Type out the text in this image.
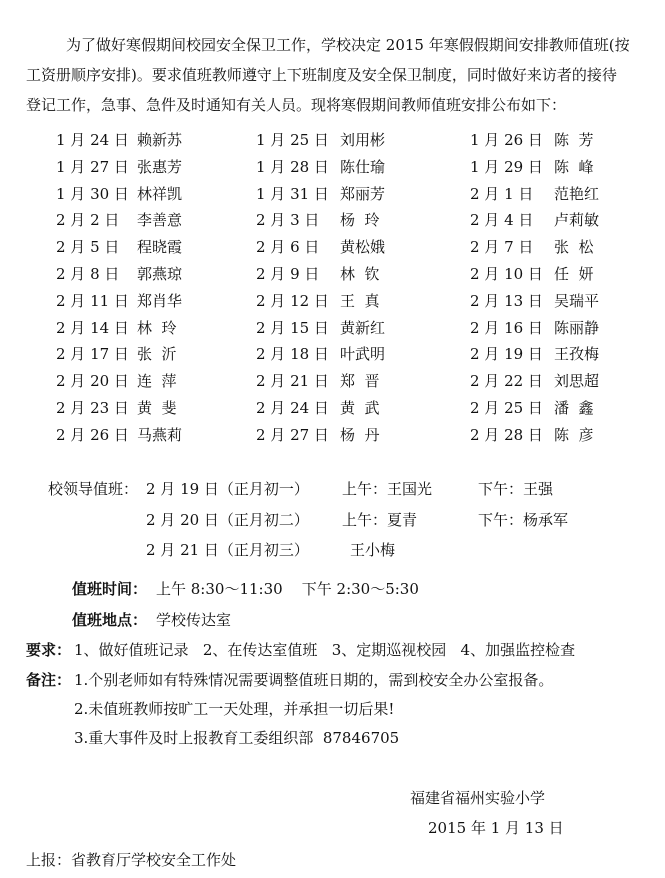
为了做好寒假期间校园安全保卫工作，学校决定 2015 年寒假假期间安排教师值班(按
工资册顺序安排)。要求值班教师遵守上下班制度及安全保卫制度，同时做好来访者的接待
登记工作，急事、急件及时通知有关人员。现将寒假期间教师值班安排公布如下：
1 月 24 日 赖新苏	1 月 25 日 刘用彬	1 月 26 日 陈  芳
1 月 27 日 张惠芳	1 月 28 日 陈仕瑜	1 月 29 日 陈  峰
1 月 30 日 林祥凯	1 月 31 日 郑丽芳	2 月 1 日 范艳红
2 月 2 日 李善意	2 月 3 日 杨  玲	2 月 4 日 卢莉敏
2 月 5 日 程晓霞	2 月 6 日 黄松娥	2 月 7 日 张  松
2 月 8 日 郭燕琼	2 月 9 日 林  钦	2 月 10 日 任  妍
2 月 11 日 郑肖华	2 月 12 日 王  真	2 月 13 日 吴瑞平
2 月 14 日 林  玲	2 月 15 日 黄新红	2 月 16 日 陈丽静
2 月 17 日 张  沂	2 月 18 日 叶武明	2 月 19 日 王孜梅
2 月 20 日 连  萍	2 月 21 日 郑  晋	2 月 22 日 刘思超
2 月 23 日 黄  斐	2 月 24 日 黄  武	2 月 25 日 潘  鑫
2 月 26 日 马燕莉	2 月 27 日 杨  丹	2 月 28 日 陈  彦
校领导值班： 2 月 19 日（正月初一） 上午：王国光	下午：王强
2 月 20 日（正月初二） 上午：夏青	下午：杨承军
2 月 21 日（正月初三）	王小梅
值班时间： 上午 8:30～11:30    下午 2:30～5:30
值班地点： 学校传达室
要求： 1、做好值班记录   2、在传达室值班   3、定期巡视校园   4、加强监控检查
备注： 1.个别老师如有特殊情况需要调整值班日期的，需到校安全办公室报备。
2.未值班教师按旷工一天处理，并承担一切后果!
3.重大事件及时上报教育工委组织部  87846705
福建省福州实验小学
2015 年 1 月 13 日
上报：省教育厅学校安全工作处
